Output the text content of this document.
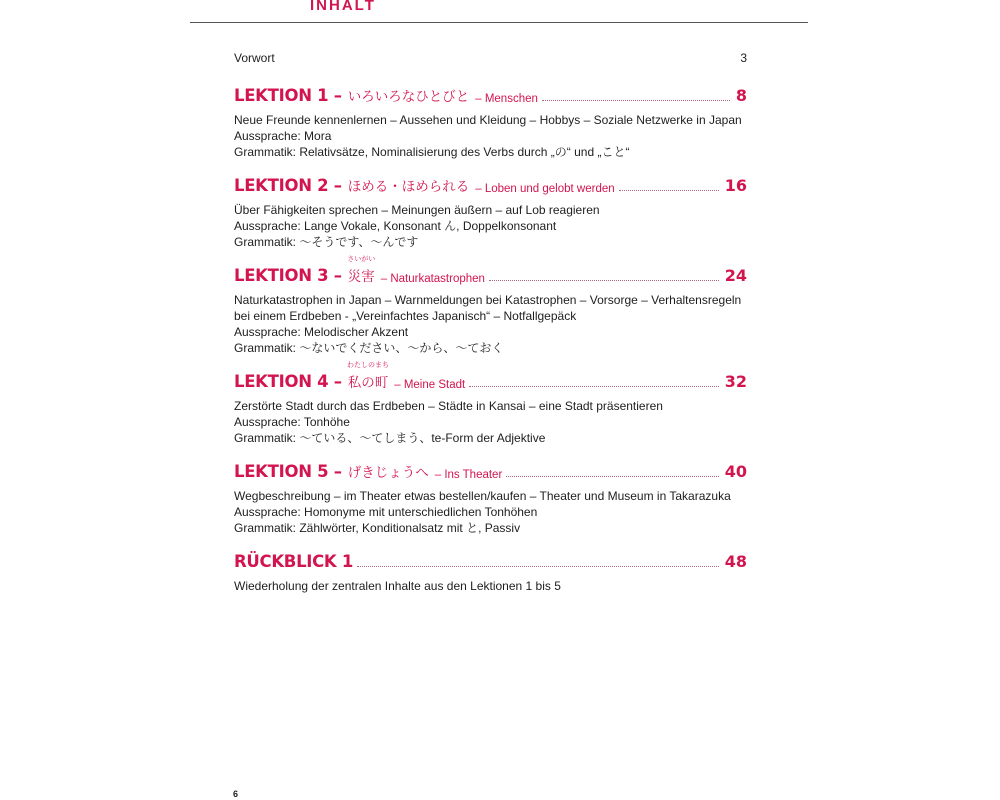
INHALT
Vorwort	3
LEKTION 1 – いろいろなひとびと – Menschen	8
Neue Freunde kennenlernen – Aussehen und Kleidung – Hobbys – Soziale Netzwerke in Japan
Aussprache: Mora
Grammatik: Relativsätze, Nominalisierung des Verbs durch „の“ und „こと“
LEKTION 2 – ほめる・ほめられる – Loben und gelobt werden	16
Über Fähigkeiten sprechen – Meinungen äußern – auf Lob reagieren
Aussprache: Lange Vokale, Konsonant ん, Doppelkonsonant
Grammatik: 〜そうです、〜んです
LEKTION 3 –
さいがい
災害 – Naturkatastrophen	24
Naturkatastrophen in Japan – Warnmeldungen bei Katastrophen – Vorsorge – Verhaltensregeln
bei einem Erdbeben - „Vereinfachtes Japanisch“ – Notfallgepäck
Aussprache: Melodischer Akzent
Grammatik: 〜ないでください、〜から、〜ておく
LEKTION 4 –
わたしのまち
私の町 – Meine Stadt	32
Zerstörte Stadt durch das Erdbeben – Städte in Kansai – eine Stadt präsentieren
Aussprache: Tonhöhe
Grammatik: 〜ている、〜てしまう、te-Form der Adjektive
LEKTION 5 – げきじょうへ – Ins Theater	40
Wegbeschreibung – im Theater etwas bestellen/kaufen – Theater und Museum in Takarazuka
Aussprache: Homonyme mit unterschiedlichen Tonhöhen
Grammatik: Zählwörter, Konditionalsatz mit と, Passiv
RÜCKBLICK 1	48
Wiederholung der zentralen Inhalte aus den Lektionen 1 bis 5
6
